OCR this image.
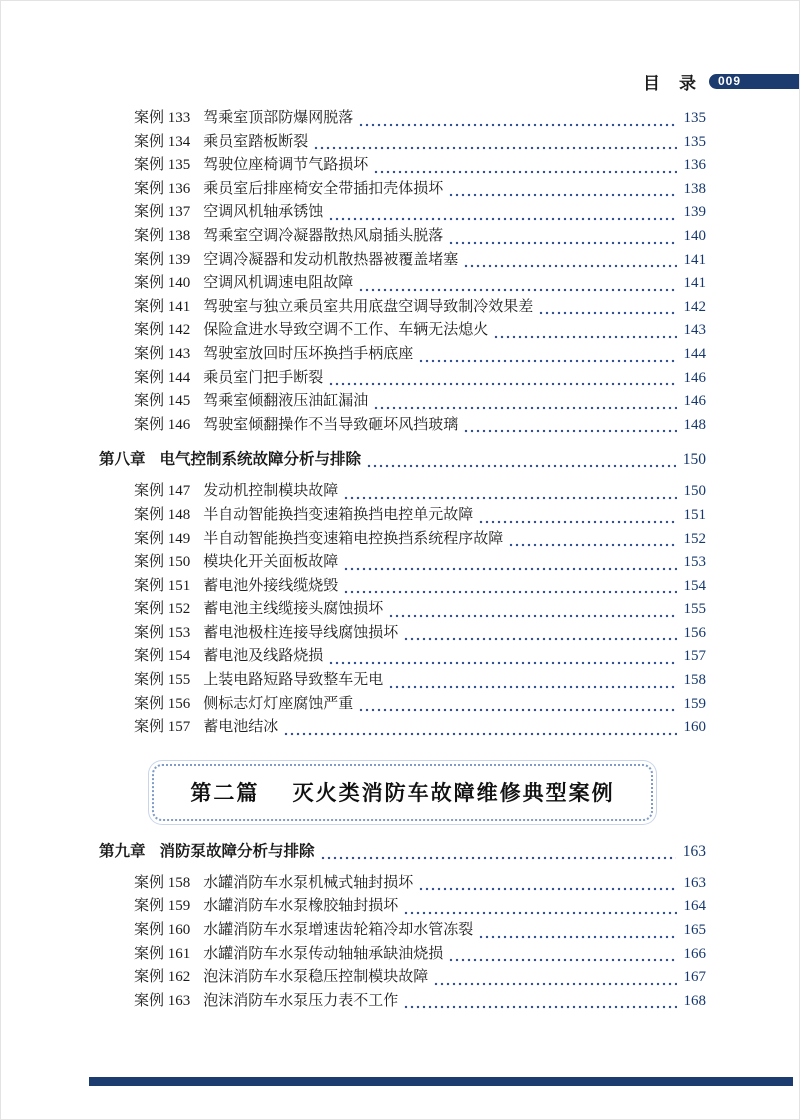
目　录	009
案例 133 驾乘室顶部防爆网脱落	135
案例 134 乘员室踏板断裂	135
案例 135 驾驶位座椅调节气路损坏	136
案例 136 乘员室后排座椅安全带插扣壳体损坏	138
案例 137 空调风机轴承锈蚀	139
案例 138 驾乘室空调冷凝器散热风扇插头脱落	140
案例 139 空调冷凝器和发动机散热器被覆盖堵塞	141
案例 140 空调风机调速电阻故障	141
案例 141 驾驶室与独立乘员室共用底盘空调导致制冷效果差	142
案例 142 保险盒进水导致空调不工作、车辆无法熄火	143
案例 143 驾驶室放回时压坏换挡手柄底座	144
案例 144 乘员室门把手断裂	146
案例 145 驾乘室倾翻液压油缸漏油	146
案例 146 驾驶室倾翻操作不当导致砸坏风挡玻璃	148
第八章 电气控制系统故障分析与排除	150
案例 147 发动机控制模块故障	150
案例 148 半自动智能换挡变速箱换挡电控单元故障	151
案例 149 半自动智能换挡变速箱电控换挡系统程序故障	152
案例 150 模块化开关面板故障	153
案例 151 蓄电池外接线缆烧毁	154
案例 152 蓄电池主线缆接头腐蚀损坏	155
案例 153 蓄电池极柱连接导线腐蚀损坏	156
案例 154 蓄电池及线路烧损	157
案例 155 上装电路短路导致整车无电	158
案例 156 侧标志灯灯座腐蚀严重	159
案例 157 蓄电池结冰	160
第二篇 灭火类消防车故障维修典型案例
第九章 消防泵故障分析与排除	163
案例 158 水罐消防车水泵机械式轴封损坏	163
案例 159 水罐消防车水泵橡胶轴封损坏	164
案例 160 水罐消防车水泵增速齿轮箱冷却水管冻裂	165
案例 161 水罐消防车水泵传动轴轴承缺油烧损	166
案例 162 泡沫消防车水泵稳压控制模块故障	167
案例 163 泡沫消防车水泵压力表不工作	168
